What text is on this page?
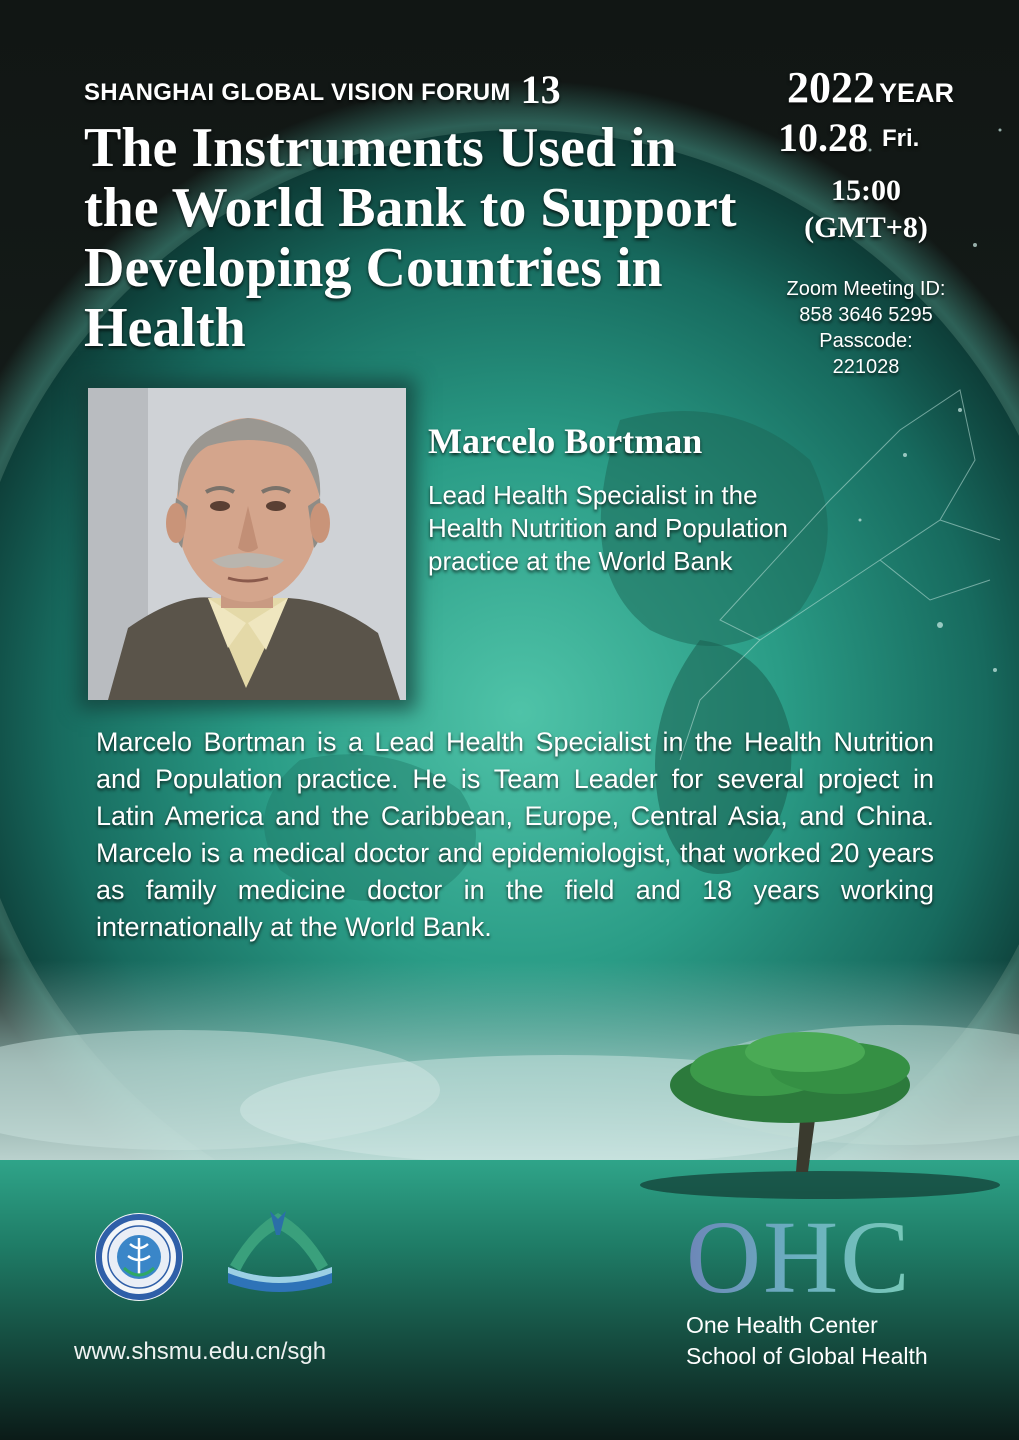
SHANGHAI GLOBAL VISION FORUM 13
The Instruments Used in the World Bank to Support Developing Countries in Health
2022 YEAR
10.28 Fri.
15:00
(GMT+8)
Zoom Meeting ID:
858 3646 5295
Passcode:
221028
Marcelo Bortman
Lead Health Specialist in the Health Nutrition and Population practice at the World Bank
Marcelo Bortman is a Lead Health Specialist in the Health Nutrition and Population practice. He is Team Leader for several project in Latin America and the Caribbean, Europe, Central Asia, and China. Marcelo is a medical doctor and epidemiologist, that worked 20 years as family medicine doctor in the field and 18 years working internationally at the World Bank.
www.shsmu.edu.cn/sgh
OHC
One Health Center
School of Global Health
